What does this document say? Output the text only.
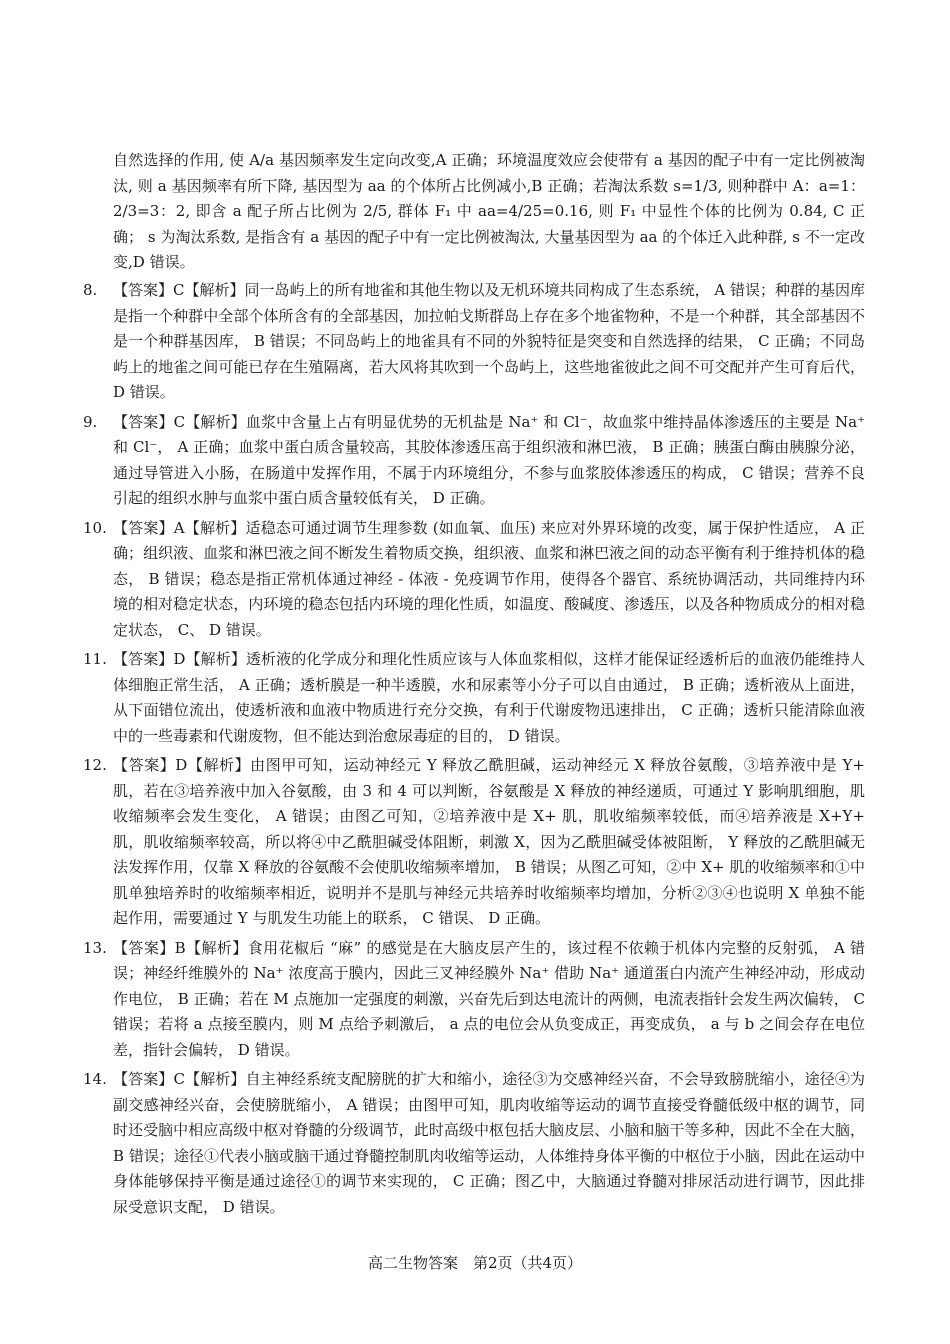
自然选择的作用, 使 A/a 基因频率发生定向改变,A 正确；环境温度效应会使带有 a 基因的配子中有一定比例被淘汰, 则 a 基因频率有所下降, 基因型为 aa 的个体所占比例减小,B 正确；若淘汰系数 s=1/3, 则种群中 A：a=1：2/3=3：2, 即含 a 配子所占比例为 2/5, 群体 F₁ 中 aa=4/25=0.16, 则 F₁ 中显性个体的比例为 0.84, C 正确； s 为淘汰系数, 是指含有 a 基因的配子中有一定比例被淘汰, 大量基因型为 aa 的个体迁入此种群, s 不一定改变,D 错误。

8. 【答案】C【解析】同一岛屿上的所有地雀和其他生物以及无机环境共同构成了生态系统， A 错误；种群的基因库是指一个种群中全部个体所含有的全部基因，加拉帕戈斯群岛上存在多个地雀物种，不是一个种群，其全部基因不是一个种群基因库， B 错误；不同岛屿上的地雀具有不同的外貌特征是突变和自然选择的结果， C 正确；不同岛屿上的地雀之间可能已存在生殖隔离，若大风将其吹到一个岛屿上，这些地雀彼此之间不可交配并产生可育后代， D 错误。
9. 【答案】C【解析】血浆中含量上占有明显优势的无机盐是 Na⁺ 和 Cl⁻，故血浆中维持晶体渗透压的主要是 Na⁺ 和 Cl⁻， A 正确；血浆中蛋白质含量较高，其胶体渗透压高于组织液和淋巴液， B 正确；胰蛋白酶由胰腺分泌，通过导管进入小肠，在肠道中发挥作用，不属于内环境组分，不参与血浆胶体渗透压的构成， C 错误；营养不良引起的组织水肿与血浆中蛋白质含量较低有关， D 正确。
10. 【答案】A【解析】适稳态可通过调节生理参数 (如血氧、血压) 来应对外界环境的改变，属于保护性适应， A 正确；组织液、血浆和淋巴液之间不断发生着物质交换，组织液、血浆和淋巴液之间的动态平衡有利于维持机体的稳态， B 错误；稳态是指正常机体通过神经 - 体液 - 免疫调节作用，使得各个器官、系统协调活动，共同维持内环境的相对稳定状态，内环境的稳态包括内环境的理化性质，如温度、酸碱度、渗透压，以及各种物质成分的相对稳定状态， C、 D 错误。
11. 【答案】D【解析】透析液的化学成分和理化性质应该与人体血浆相似，这样才能保证经透析后的血液仍能维持人体细胞正常生活， A 正确；透析膜是一种半透膜，水和尿素等小分子可以自由通过， B 正确；透析液从上面进，从下面错位流出，使透析液和血液中物质进行充分交换，有利于代谢废物迅速排出， C 正确；透析只能清除血液中的一些毒素和代谢废物，但不能达到治愈尿毒症的目的， D 错误。
12. 【答案】D【解析】由图甲可知，运动神经元 Y 释放乙酰胆碱，运动神经元 X 释放谷氨酸，③培养液中是 Y+ 肌，若在③培养液中加入谷氨酸，由 3 和 4 可以判断，谷氨酸是 X 释放的神经递质，可通过 Y 影响肌细胞，肌收缩频率会发生变化， A 错误；由图乙可知，②培养液中是 X+ 肌，肌收缩频率较低，而④培养液是 X+Y+ 肌，肌收缩频率较高，所以将④中乙酰胆碱受体阻断，刺激 X，因为乙酰胆碱受体被阻断， Y 释放的乙酰胆碱无法发挥作用，仅靠 X 释放的谷氨酸不会使肌收缩频率增加， B 错误；从图乙可知，②中 X+ 肌的收缩频率和①中肌单独培养时的收缩频率相近，说明并不是肌与神经元共培养时收缩频率均增加，分析②③④也说明 X 单独不能起作用，需要通过 Y 与肌发生功能上的联系， C 错误、 D 正确。
13. 【答案】B【解析】食用花椒后 “麻” 的感觉是在大脑皮层产生的，该过程不依赖于机体内完整的反射弧， A 错误；神经纤维膜外的 Na⁺ 浓度高于膜内，因此三叉神经膜外 Na⁺ 借助 Na⁺ 通道蛋白内流产生神经冲动，形成动作电位， B 正确；若在 M 点施加一定强度的刺激，兴奋先后到达电流计的两侧，电流表指针会发生两次偏转， C 错误；若将 a 点接至膜内，则 M 点给予刺激后， a 点的电位会从负变成正，再变成负， a 与 b 之间会存在电位差，指针会偏转， D 错误。
14. 【答案】C【解析】自主神经系统支配膀胱的扩大和缩小，途径③为交感神经兴奋，不会导致膀胱缩小，途径④为副交感神经兴奋，会使膀胱缩小， A 错误；由图甲可知，肌肉收缩等运动的调节直接受脊髓低级中枢的调节，同时还受脑中相应高级中枢对脊髓的分级调节，此时高级中枢包括大脑皮层、小脑和脑干等多种，因此不全在大脑， B 错误；途径①代表小脑或脑干通过脊髓控制肌肉收缩等运动，人体维持身体平衡的中枢位于小脑，因此在运动中身体能够保持平衡是通过途径①的调节来实现的， C 正确；图乙中，大脑通过脊髓对排尿活动进行调节，因此排尿受意识支配， D 错误。
高二生物答案　第2页（共4页）
